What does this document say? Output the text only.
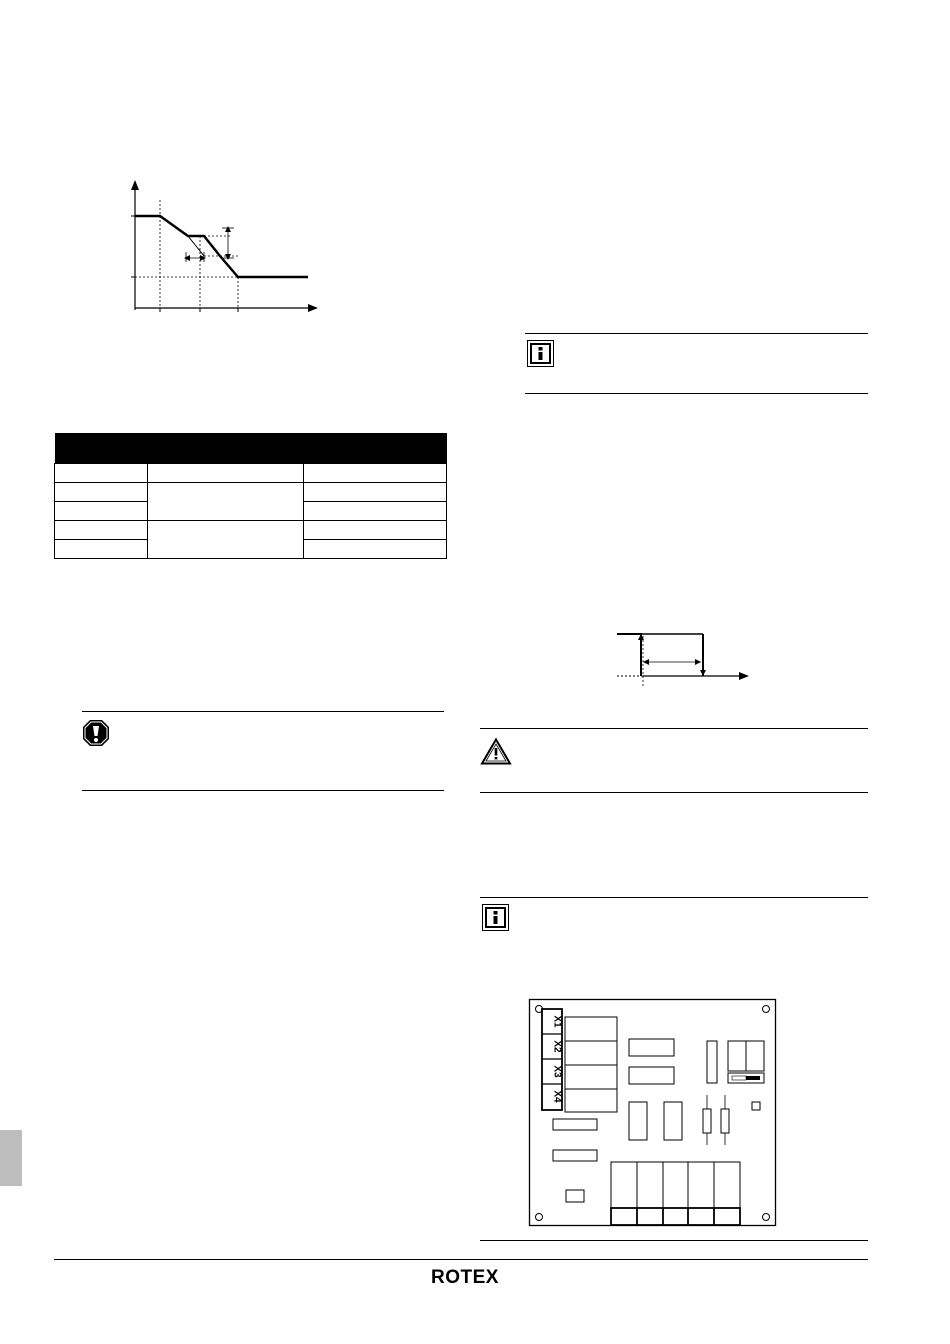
X1
X2
X3
X4
ROTEX
